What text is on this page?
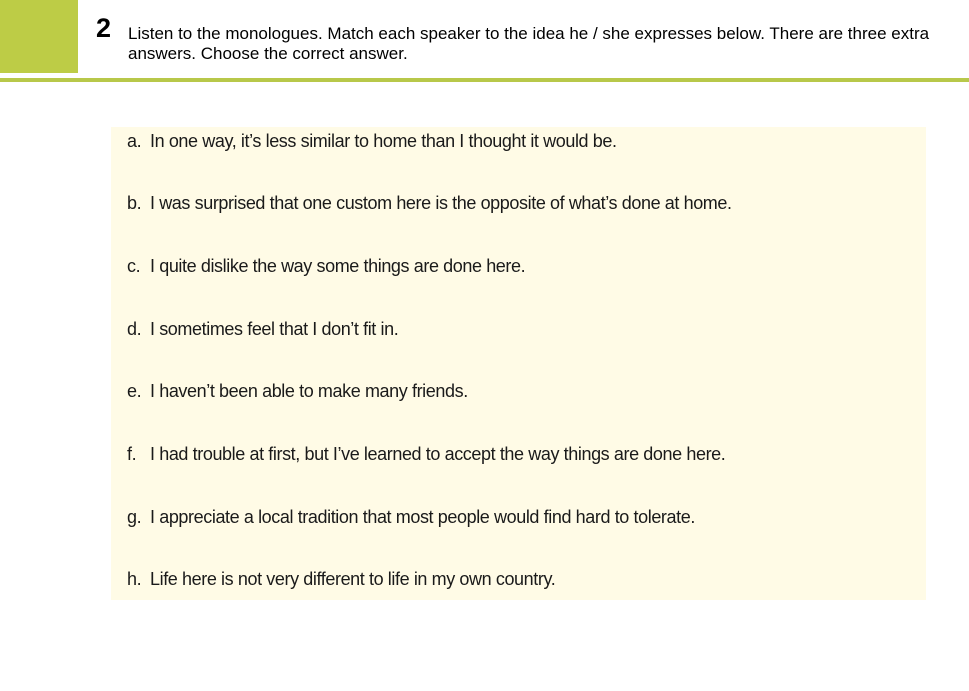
2 Listen to the monologues. Match each speaker to the idea he / she expresses below. There are three extra answers. Choose the correct answer.
a. In one way, it’s less similar to home than I thought it would be.
b. I was surprised that one custom here is the opposite of what’s done at home.
c. I quite dislike the way some things are done here.
d. I sometimes feel that I don’t fit in.
e. I haven’t been able to make many friends.
f. I had trouble at first, but I’ve learned to accept the way things are done here.
g. I appreciate a local tradition that most people would find hard to tolerate.
h. Life here is not very different to life in my own country.
